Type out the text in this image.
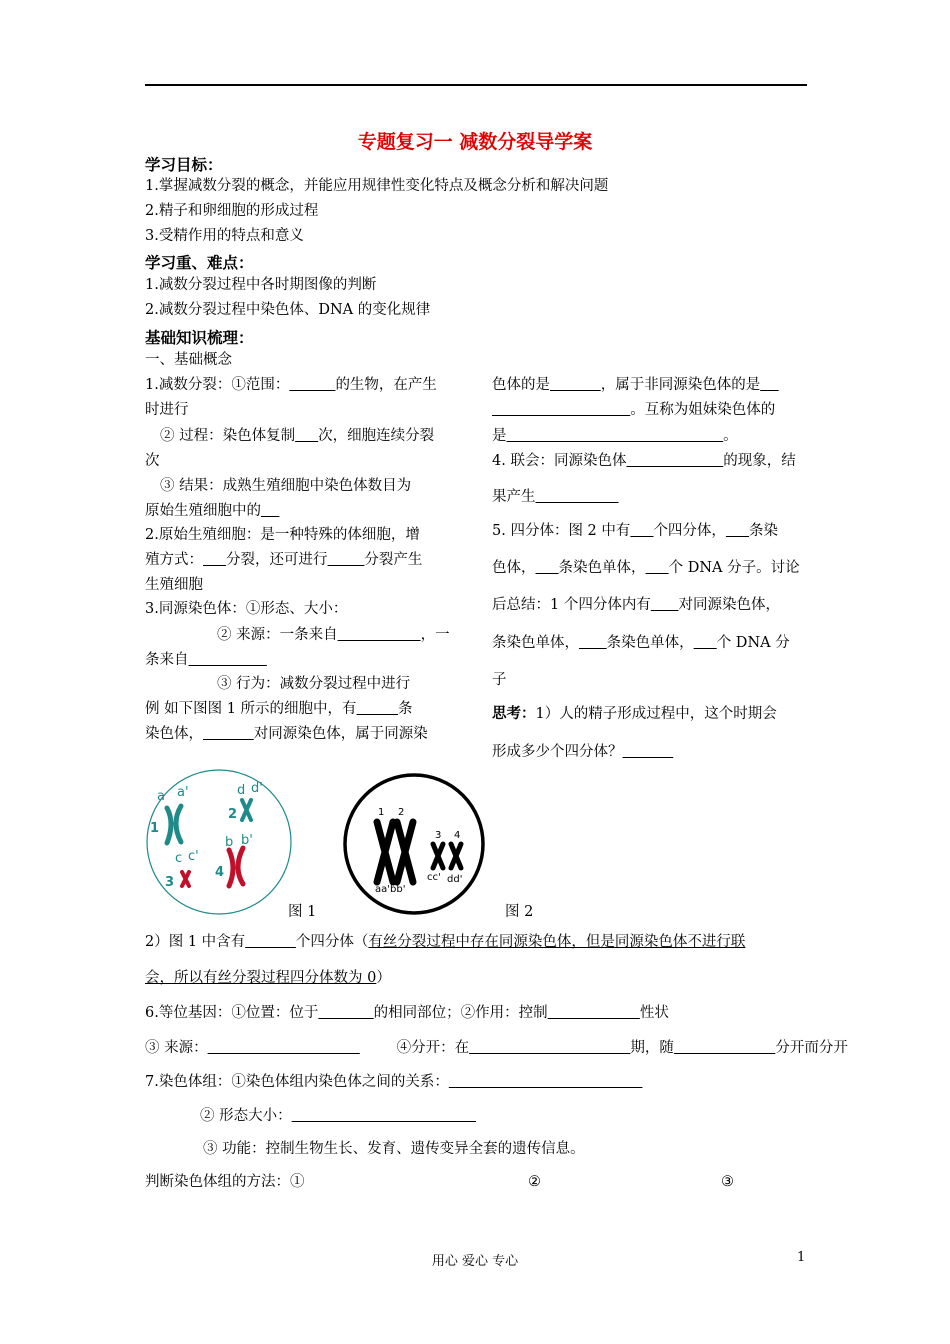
专题复习一 减数分裂导学案
学习目标：
1.掌握减数分裂的概念，并能应用规律性变化特点及概念分析和解决问题
2.精子和卵细胞的形成过程
3.受精作用的特点和意义
学习重、难点：
1.减数分裂过程中各时期图像的判断
2.减数分裂过程中染色体、DNA 的变化规律
基础知识梳理：
一、基础概念
1.减数分裂：①范围：	的生物，在产生
时进行
② 过程：染色体复制 次，细胞连续分裂
次
③ 结果：成熟生殖细胞中染色体数目为
原始生殖细胞中的
2.原始生殖细胞：是一种特殊的体细胞，增
殖方式： 分裂，还可进行	分裂产生
生殖细胞
3.同源染色体：①形态、大小：
② 来源：一条来自	，一
条来自
③ 行为：减数分裂过程中进行
例 如下图图 1 所示的细胞中，有	条
染色体，	对同源染色体，属于同源染
色体的是	，属于非同源染色体的是
。互称为姐妹染色体的
是	。
4. 联会：同源染色体	的现象，结
果产生
5. 四分体：图 2 中有 个四分体， 条染
色体， 条染色单体， 个 DNA 分子。讨论
后总结：1 个四分体内有 对同源染色体，
条染色单体， 条染色单体， 个 DNA 分
子
思考：1）人的精子形成过程中，这个时期会
形成多少个四分体？
a a'	d d'
1
2
b b'
c c'
3
4
1 2
3 4
aa'bb'
cc' dd'
图 1	图 2
2）图 1 中含有	个四分体（有丝分裂过程中存在同源染色体，但是同源染色体不进行联
会，所以有丝分裂过程四分体数为 0）
6.等位基因：①位置：位于	的相同部位；②作用：控制	性状
③ 来源：	④分开：在	期，随	分开而分开
7.染色体组：①染色体组内染色体之间的关系：
② 形态大小：
③ 功能：控制生物生长、发育、遗传变异全套的遗传信息。
判断染色体组的方法：①	②	③
用心 爱心 专心	1
